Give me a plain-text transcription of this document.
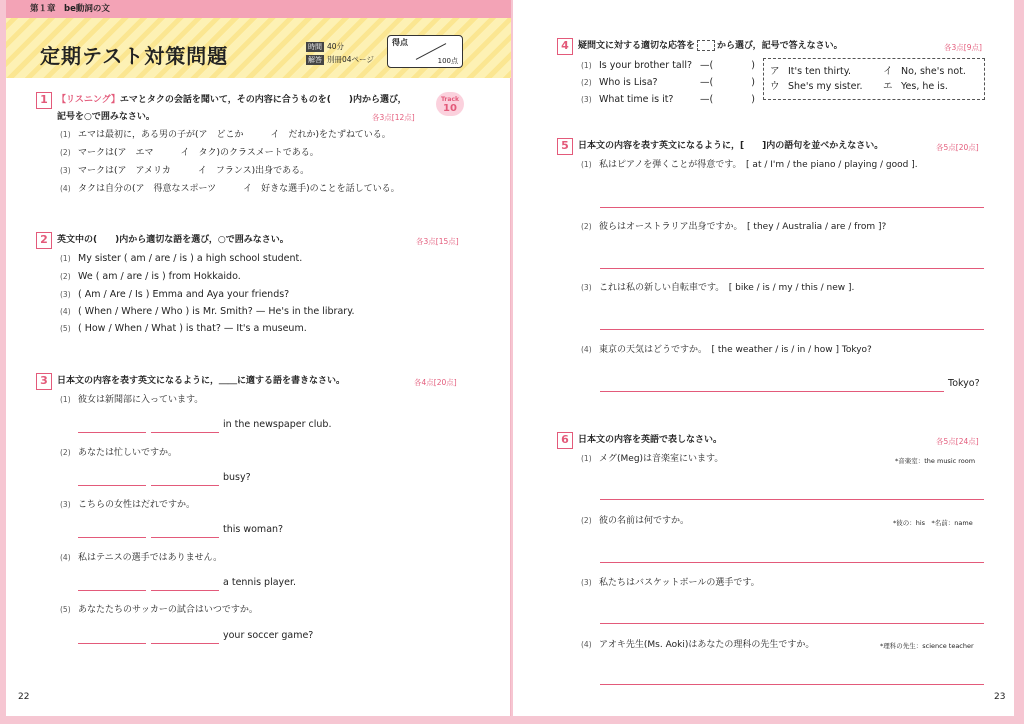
第１章　be動詞の文
定期テスト対策問題	時間 40分
解答 別冊04ページ
得点
100点
1	【リスニング】エマとタクの会話を聞いて，その内容に合うものを(　　)内から選び，
記号を○で囲みなさい。
Track
10
各3点[12点]
(1) エマは最初に，ある男の子が(ア　どこか　　　イ　だれか)をたずねている。
(2) マークは(ア　エマ　　　イ　タク)のクラスメートである。
(3) マークは(ア　アメリカ　　　イ　フランス)出身である。
(4) タクは自分の(ア　得意なスポーツ　　　イ　好きな選手)のことを話している。
2	英文中の(　　)内から適切な語を選び，○で囲みなさい。	各3点[15点]
(1) My sister ( am / are / is ) a high school student.
(2) We ( am / are / is ) from Hokkaido.
(3) ( Am / Are / Is ) Emma and Aya your friends?
(4) ( When / Where / Who ) is Mr. Smith? — He's in the library.
(5) ( How / When / What ) is that? — It's a museum.
3	日本文の内容を表す英文になるように，＿＿に適する語を書きなさい。	各4点[20点]
(1) 彼女は新聞部に入っています。
in the newspaper club.
(2) あなたは忙しいですか。
busy?
(3) こちらの女性はだれですか。
this woman?
(4) 私はテニスの選手ではありません。
a tennis player.
(5) あなたたちのサッカーの試合はいつですか。
your soccer game?
22
4	疑問文に対する適切な応答を から選び，記号で答えなさい。	各3点[9点]
(1) Is your brother tall? —(　　　　)
(2) Who is Lisa?	—(　　　　)
(3) What time is it?	—(　　　　)
ア It's ten thirty.	イ No, she's not.
ウ She's my sister.	エ Yes, he is.
5	日本文の内容を表す英文になるように，[　　]内の語句を並べかえなさい。	各5点[20点]
(1) 私はピアノを弾くことが得意です。　[ at / I'm / the piano / playing / good ].
(2) 彼らはオーストラリア出身ですか。　[ they / Australia / are / from ]?
(3) これは私の新しい自転車です。　[ bike / is / my / this / new ].
(4) 東京の天気はどうですか。　[ the weather / is / in / how ] Tokyo?
Tokyo?
6	日本文の内容を英語で表しなさい。	各5点[24点]
(1) メグ(Meg)は音楽室にいます。	*音楽室：the music room
(2) 彼の名前は何ですか。	*彼の：his　*名前：name
(3) 私たちはバスケットボールの選手です。
(4) アオキ先生(Ms. Aoki)はあなたの理科の先生ですか。	*理科の先生：science teacher
23
